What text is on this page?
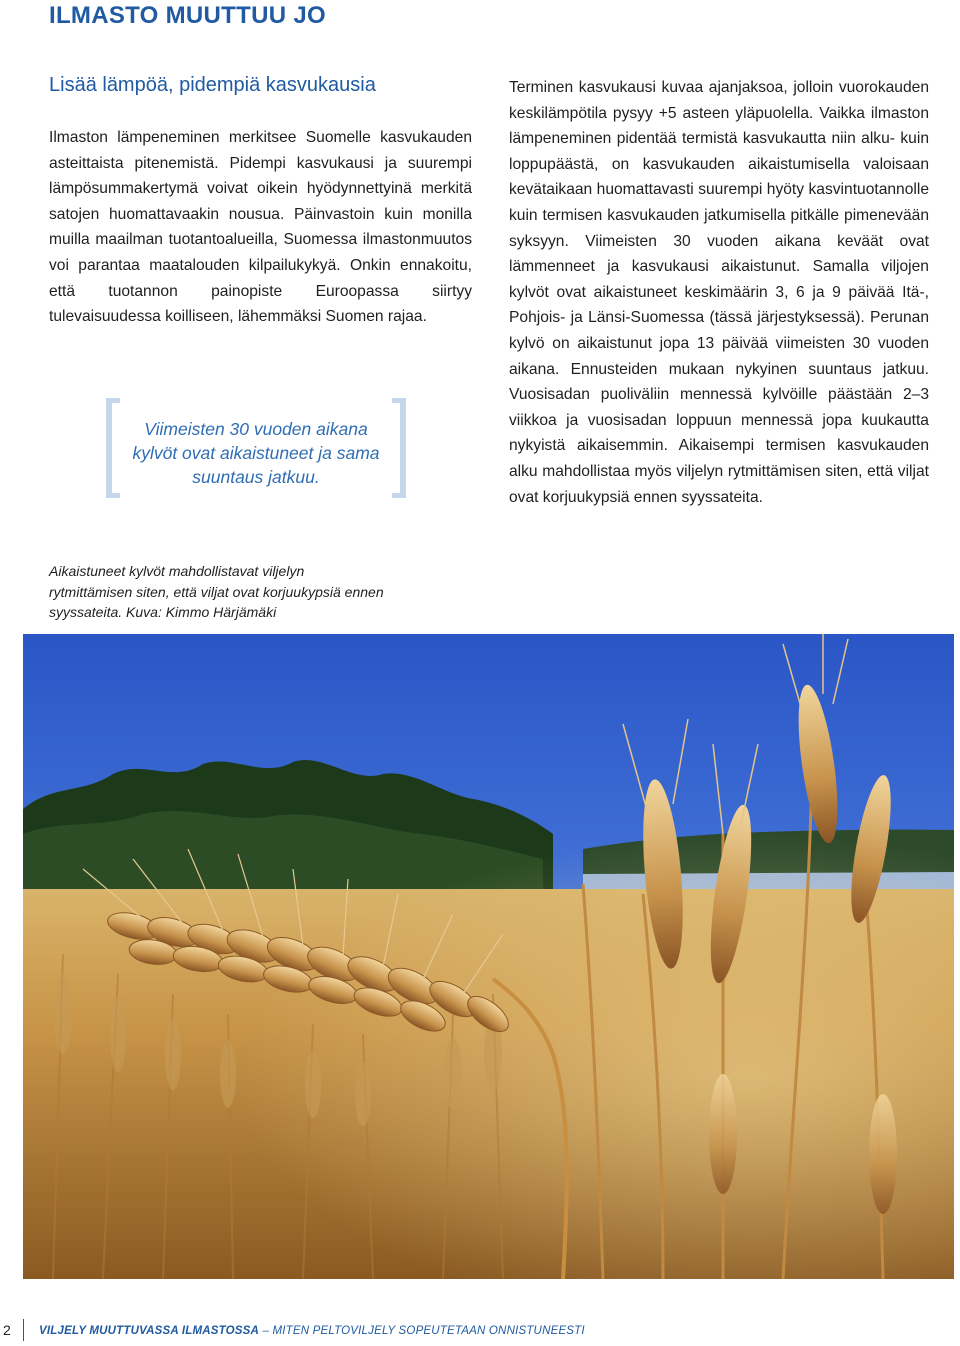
ILMASTO MUUTTUU JO
Lisää lämpöä, pidempiä kasvukausia

Ilmaston lämpeneminen merkitsee Suomelle kasvukauden asteittaista pitenemistä. Pidempi kasvukausi ja suurempi lämpösummakertymä voivat oikein hyödynnettyinä merkitä satojen huomattavaakin nousua. Päinvastoin kuin monilla muilla maailman tuotantoalueilla, Suomessa ilmastonmuutos voi parantaa maatalouden kilpailukykyä. Onkin ennakoitu, että tuotannon painopiste Euroopassa siirtyy tulevaisuudessa koilliseen, lähemmäksi Suomen rajaa.

Viimeisten 30 vuoden aikana kylvöt ovat aikaistuneet ja sama suuntaus jatkuu.

Aikaistuneet kylvöt mahdollistavat viljelyn rytmittämisen siten, että viljat ovat korjuukypsiä ennen syyssateita. Kuva: Kimmo Härjämäki

Terminen kasvukausi kuvaa ajanjaksoa, jolloin vuorokauden keskilämpötila pysyy +5 asteen yläpuolella. Vaikka ilmaston lämpeneminen pidentää termistä kasvukautta niin alku- kuin loppupäästä, on kasvukauden aikaistumisella valoisaan kevätaikaan huomattavasti suurempi hyöty kasvintuotannolle kuin termisen kasvukauden jatkumisella pitkälle pimenevään syksyyn. Viimeisten 30 vuoden aikana keväät ovat lämmenneet ja kasvukausi aikaistunut. Samalla viljojen kylvöt ovat aikaistuneet keskimäärin 3, 6 ja 9 päivää Itä-, Pohjois- ja Länsi-Suomessa (tässä järjestyksessä). Perunan kylvö on aikaistunut jopa 13 päivää viimeisten 30 vuoden aikana. Ennusteiden mukaan nykyinen suuntaus jatkuu. Vuosisadan puoliväliin mennessä kylvöille päästään 2–3 viikkoa ja vuosisadan loppuun mennessä jopa kuukautta nykyistä aikaisemmin. Aikaisempi termisen kasvukauden alku mahdollistaa myös viljelyn rytmittämisen siten, että viljat ovat korjuukypsiä ennen syyssateita.

2 VILJELY MUUTTUVASSA ILMASTOSSA – MITEN PELTOVILJELY SOPEUTETAAN ONNISTUNEESTI
